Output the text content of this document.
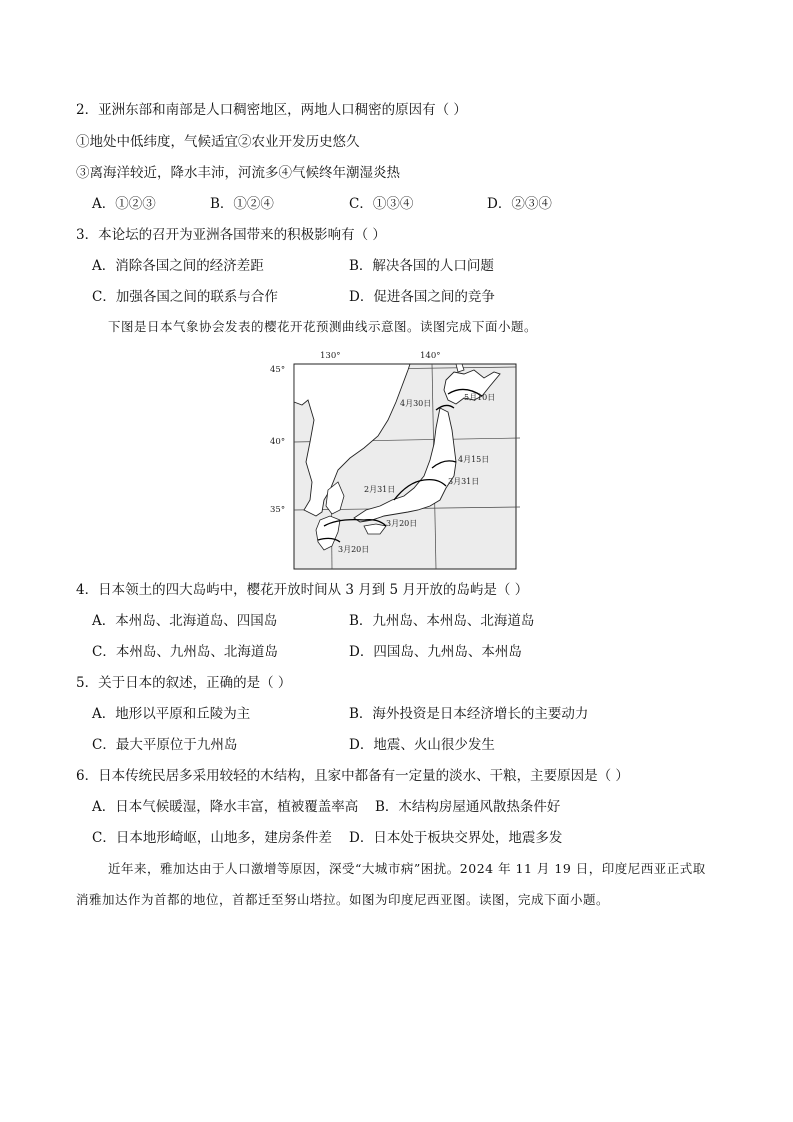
2．亚洲东部和南部是人口稠密地区，两地人口稠密的原因有（ ）
①地处中低纬度，气候适宜②农业开发历史悠久
③离海洋较近，降水丰沛，河流多④气候终年潮湿炎热
A．①②③	B．①②④	C．①③④	D．②③④
3．本论坛的召开为亚洲各国带来的积极影响有（ ）
A．消除各国之间的经济差距	B．解决各国的人口问题
C．加强各国之间的联系与合作	D．促进各国之间的竞争
下图是日本气象协会发表的樱花开花预测曲线示意图。读图完成下面小题。
130°	140°
45°
40°
35°
5月10日
4月30日
4月15日
3月31日
2月31日
3月20日
3月20日
4．日本领土的四大岛屿中，樱花开放时间从 3 月到 5 月开放的岛屿是（ ）
A．本州岛、北海道岛、四国岛	B．九州岛、本州岛、北海道岛
C．本州岛、九州岛、北海道岛	D．四国岛、九州岛、本州岛
5．关于日本的叙述，正确的是（ ）
A．地形以平原和丘陵为主	B．海外投资是日本经济增长的主要动力
C．最大平原位于九州岛	D．地震、火山很少发生
6．日本传统民居多采用较轻的木结构，且家中都备有一定量的淡水、干粮，主要原因是（ ）
A．日本气候暖湿，降水丰富，植被覆盖率高 B．木结构房屋通风散热条件好
C．日本地形崎岖，山地多，建房条件差 D．日本处于板块交界处，地震多发
近年来，雅加达由于人口激增等原因，深受“大城市病”困扰。2024 年 11 月 19 日，印度尼西亚正式取
消雅加达作为首都的地位，首都迁至努山塔拉。如图为印度尼西亚图。读图，完成下面小题。
